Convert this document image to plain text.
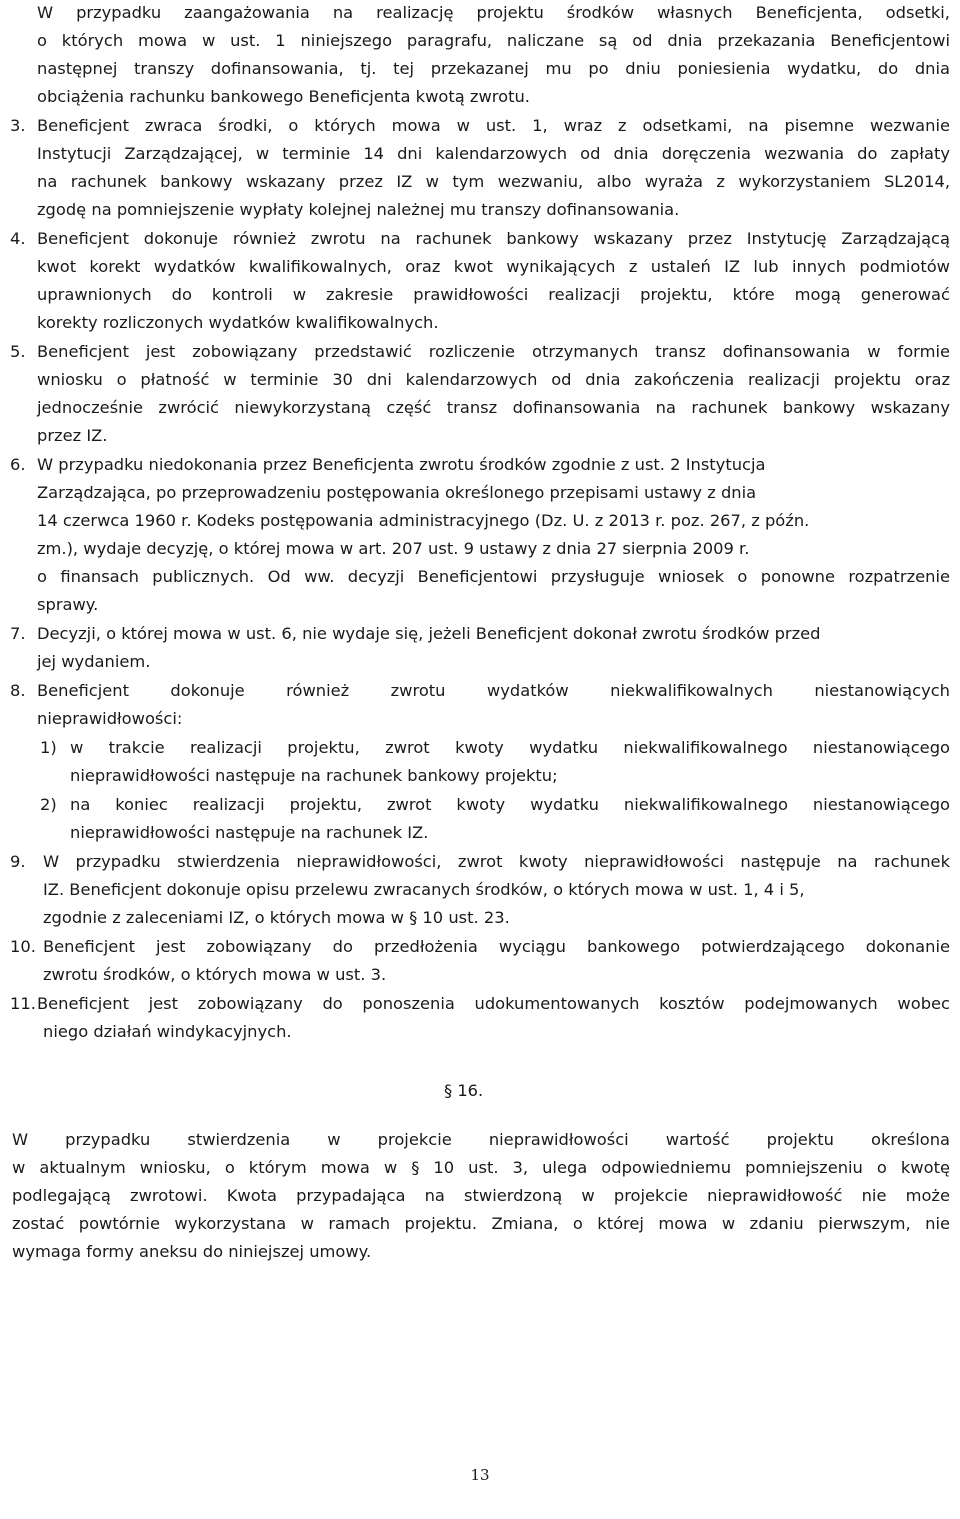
W przypadku zaangażowania na realizację projektu środków własnych Beneficjenta, odsetki,
o których mowa w ust. 1 niniejszego paragrafu, naliczane są od dnia przekazania Beneficjentowi
następnej transzy dofinansowania, tj. tej przekazanej mu po dniu poniesienia wydatku, do dnia
obciążenia rachunku bankowego Beneficjenta kwotą zwrotu.
3. Beneficjent zwraca środki, o których mowa w ust. 1, wraz z odsetkami, na pisemne wezwanie
Instytucji Zarządzającej, w terminie 14 dni kalendarzowych od dnia doręczenia wezwania do zapłaty
na rachunek bankowy wskazany przez IZ w tym wezwaniu, albo wyraża z wykorzystaniem SL2014,
zgodę na pomniejszenie wypłaty kolejnej należnej mu transzy dofinansowania.
4. Beneficjent dokonuje również zwrotu na rachunek bankowy wskazany przez Instytucję Zarządzającą
kwot korekt wydatków kwalifikowalnych, oraz kwot wynikających z ustaleń IZ lub innych podmiotów
uprawnionych do kontroli w zakresie prawidłowości realizacji projektu, które mogą generować
korekty rozliczonych wydatków kwalifikowalnych.
5. Beneficjent jest zobowiązany przedstawić rozliczenie otrzymanych transz dofinansowania w formie
wniosku o płatność w terminie 30 dni kalendarzowych od dnia zakończenia realizacji projektu oraz
jednocześnie zwrócić niewykorzystaną część transz dofinansowania na rachunek bankowy wskazany
przez IZ.
6. W przypadku niedokonania przez Beneficjenta zwrotu środków zgodnie z ust. 2 Instytucja
Zarządzająca, po przeprowadzeniu postępowania określonego przepisami ustawy z dnia
14 czerwca 1960 r. Kodeks postępowania administracyjnego (Dz. U. z 2013 r. poz. 267, z późn.
zm.), wydaje decyzję, o której mowa w art. 207 ust. 9 ustawy z dnia 27 sierpnia 2009 r.
o finansach publicznych. Od ww. decyzji Beneficjentowi przysługuje wniosek o ponowne rozpatrzenie
sprawy.
7. Decyzji, o której mowa w ust. 6, nie wydaje się, jeżeli Beneficjent dokonał zwrotu środków przed
jej wydaniem.
8. Beneficjent dokonuje również zwrotu wydatków niekwalifikowalnych niestanowiących
nieprawidłowości:
1) w trakcie realizacji projektu, zwrot kwoty wydatku niekwalifikowalnego niestanowiącego
nieprawidłowości następuje na rachunek bankowy projektu;
2) na koniec realizacji projektu, zwrot kwoty wydatku niekwalifikowalnego niestanowiącego
nieprawidłowości następuje na rachunek IZ.
9. W przypadku stwierdzenia nieprawidłowości, zwrot kwoty nieprawidłowości następuje na rachunek
IZ. Beneficjent dokonuje opisu przelewu zwracanych środków, o których mowa w ust. 1, 4 i 5,
zgodnie z zaleceniami IZ, o których mowa w § 10 ust. 23.
10. Beneficjent jest zobowiązany do przedłożenia wyciągu bankowego potwierdzającego dokonanie
zwrotu środków, o których mowa w ust. 3.
11. Beneficjent jest zobowiązany do ponoszenia udokumentowanych kosztów podejmowanych wobec
niego działań windykacyjnych.
W przypadku stwierdzenia w projekcie nieprawidłowości wartość projektu określona
w aktualnym wniosku, o którym mowa w § 10 ust. 3, ulega odpowiedniemu pomniejszeniu o kwotę
podlegającą zwrotowi. Kwota przypadająca na stwierdzoną w projekcie nieprawidłowość nie może
zostać powtórnie wykorzystana w ramach projektu. Zmiana, o której mowa w zdaniu pierwszym, nie
wymaga formy aneksu do niniejszej umowy.
§ 16.
13
